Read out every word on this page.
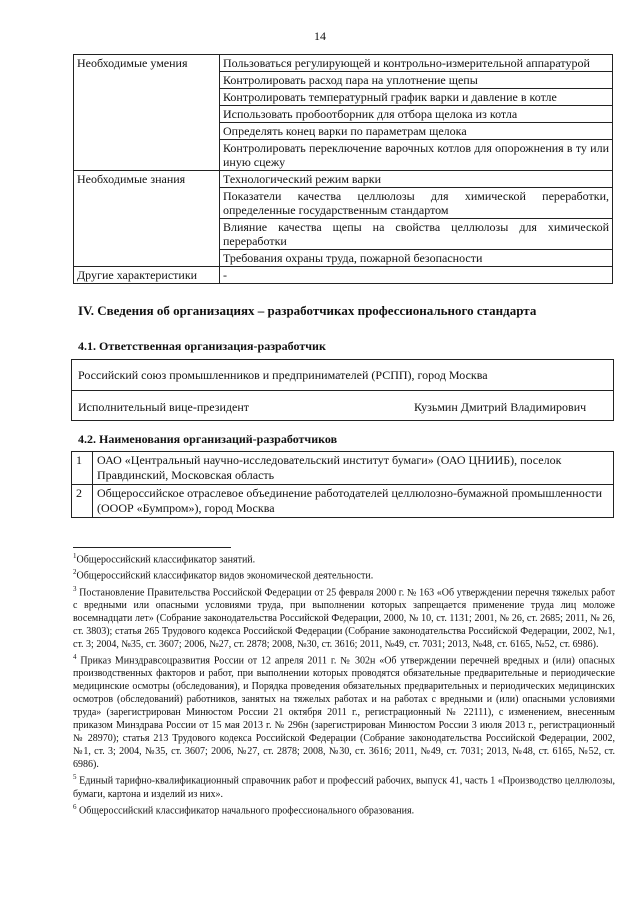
14
Необходимые умения	Пользоваться регулирующей и контрольно-измерительной аппаратурой
	Контролировать расход пара на уплотнение щепы
	Контролировать температурный график варки и давление в котле
	Использовать пробоотборник для отбора щелока из котла
	Определять конец варки по параметрам щелока
	Контролировать переключение варочных котлов для опорожнения в ту или иную сцежу
Необходимые знания	Технологический режим варки
	Показатели качества целлюлозы для химической переработки, определенные государственным стандартом
	Влияние качества щепы на свойства целлюлозы для химической переработки
	Требования охраны труда, пожарной безопасности
Другие характеристики	-
IV. Сведения об организациях – разработчиках профессионального стандарта
4.1. Ответственная организация-разработчик
Российский союз промышленников и предпринимателей (РСПП), город Москва
Исполнительный вице-президент	Кузьмин Дмитрий Владимирович
4.2. Наименования организаций-разработчиков
1	ОАО «Центральный научно-исследовательский институт бумаги» (ОАО ЦНИИБ), поселок Правдинский, Московская область
2	Общероссийское отраслевое объединение работодателей целлюлозно-бумажной промышленности (ОООР «Бумпром»), город Москва

$^1$Общероссийский классификатор занятий.

$^2$Общероссийский классификатор видов экономической деятельности.

$^3$ Постановление Правительства Российской Федерации от 25 февраля 2000 г. № 163 «Об утверждении перечня тяжелых работ с вредными или опасными условиями труда, при выполнении которых запрещается применение труда лиц моложе восемнадцати лет» (Собрание законодательства Российской Федерации, 2000, № 10, ст. 1131; 2001, № 26, ст. 2685; 2011, № 26, ст. 3803); статья 265 Трудового кодекса Российской Федерации (Собрание законодательства Российской Федерации, 2002, №1, ст. 3; 2004, №35, ст. 3607; 2006, №27, ст. 2878; 2008, №30, ст. 3616; 2011, №49, ст. 7031; 2013, №48, ст. 6165, №52, ст. 6986).

$^4$ Приказ Минздравсоцразвития России от 12 апреля 2011 г. № 302н «Об утверждении перечней вредных и (или) опасных производственных факторов и работ, при выполнении которых проводятся обязательные предварительные и периодические медицинские осмотры (обследования), и Порядка проведения обязательных предварительных и периодических медицинских осмотров (обследований) работников, занятых на тяжелых работах и на работах с вредными и (или) опасными условиями труда» (зарегистрирован Минюстом России 21 октября 2011 г., регистрационный № 22111), с изменением, внесенным приказом Минздрава России от 15 мая 2013 г. № 296н (зарегистрирован Минюстом России 3 июля 2013 г., регистрационный № 28970); статья 213 Трудового кодекса Российской Федерации (Собрание законодательства Российской Федерации, 2002, №1, ст. 3; 2004, №35, ст. 3607; 2006, №27, ст. 2878; 2008, №30, ст. 3616; 2011, №49, ст. 7031; 2013, №48, ст. 6165, №52, ст. 6986).

$^5$ Единый тарифно-квалификационный справочник работ и профессий рабочих, выпуск 41, часть 1 «Производство целлюлозы, бумаги, картона и изделий из них».

$^6$ Общероссийский классификатор начального профессионального образования.
